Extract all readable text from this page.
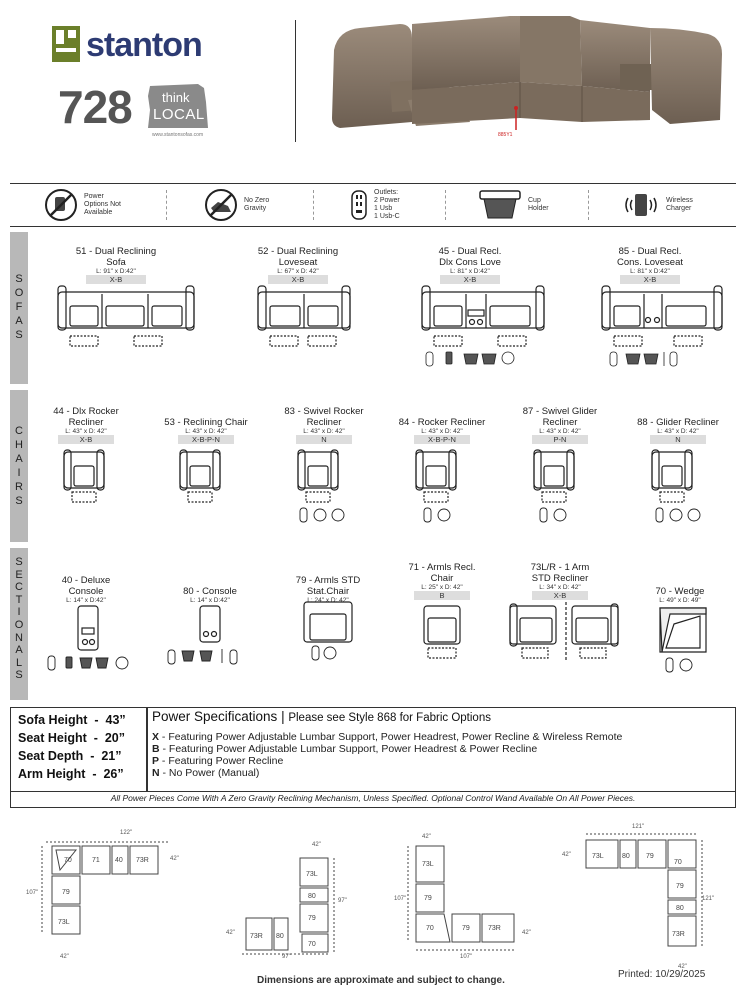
stanton
728 think
LOCAL
www.stantonsofas.com	885Y1
Power
Options Not
Available
No Zero
Gravity
Outlets:
2 Power
1 Usb
1 Usb-C
Cup
Holder
Wireless
Charger
S
O
F
A
S
C
H
A
I
R
S
S
E
C
T
I
O
N
A
L
S
51 - Dual Reclining
Sofa
L: 91" x D:42"
X-B
52 - Dual Reclining
Loveseat
L: 67" x D: 42"
X-B
45 - Dual Recl.
Dlx Cons Love
L: 81" x D:42"
X-B
85 - Dual Recl.
Cons. Loveseat
L: 81" x D:42"
X-B
44 - Dlx Rocker
Recliner
L: 43" x D: 42"
X-B
53 - Reclining Chair
L: 43" x D: 42"
X-B-P-N
83 - Swivel Rocker
Recliner
L: 43" x D: 42"
N
84 - Rocker Recliner
L: 43" x D: 42"
X-B-P-N
87 - Swivel Glider
Recliner
L: 43" x D: 42"
P-N
88 - Glider Recliner
L: 43" x D: 42"
N
40 - Deluxe
Console
L: 14" x D:42"
80 - Console
L: 14" x D:42"
79 - Armls STD
Stat.Chair
L: 24" x D: 42"
71 - Armls Recl.
Chair
L: 25" x D: 42"
B
73L/R - 1 Arm
STD Recliner
L: 34" x D: 42"
X-B	70 - Wedge
L: 49" x D: 49"
Sofa Height  -  43”
Seat Height  -  20”
Seat Depth  -  21”
Arm Height  -  26”
Power Specifications | Please see Style 868 for Fabric Options
X - Featuring Power Adjustable Lumbar Support, Power Headrest, Power Recline & Wireless Remote
B - Featuring Power Adjustable Lumbar Support, Power Headrest & Power Recline
P - Featuring Power Recline
N - No Power (Manual)
All Power Pieces Come With A Zero Gravity Reclining Mechanism, Unless Specified. Optional Control Wand Available On All Power Pieces.
122"
42"
107"
42"
42"
97"
42"
97"
42"
107"
42"
107"
121"
42"
121"
42"
70	71 40 73R
79
73L
73L
80
79
73R 80
70
73L
79
70	79	73R
73L	80 79
70
79
80
73R
Dimensions are approximate and subject to change.
Printed: 10/29/2025
